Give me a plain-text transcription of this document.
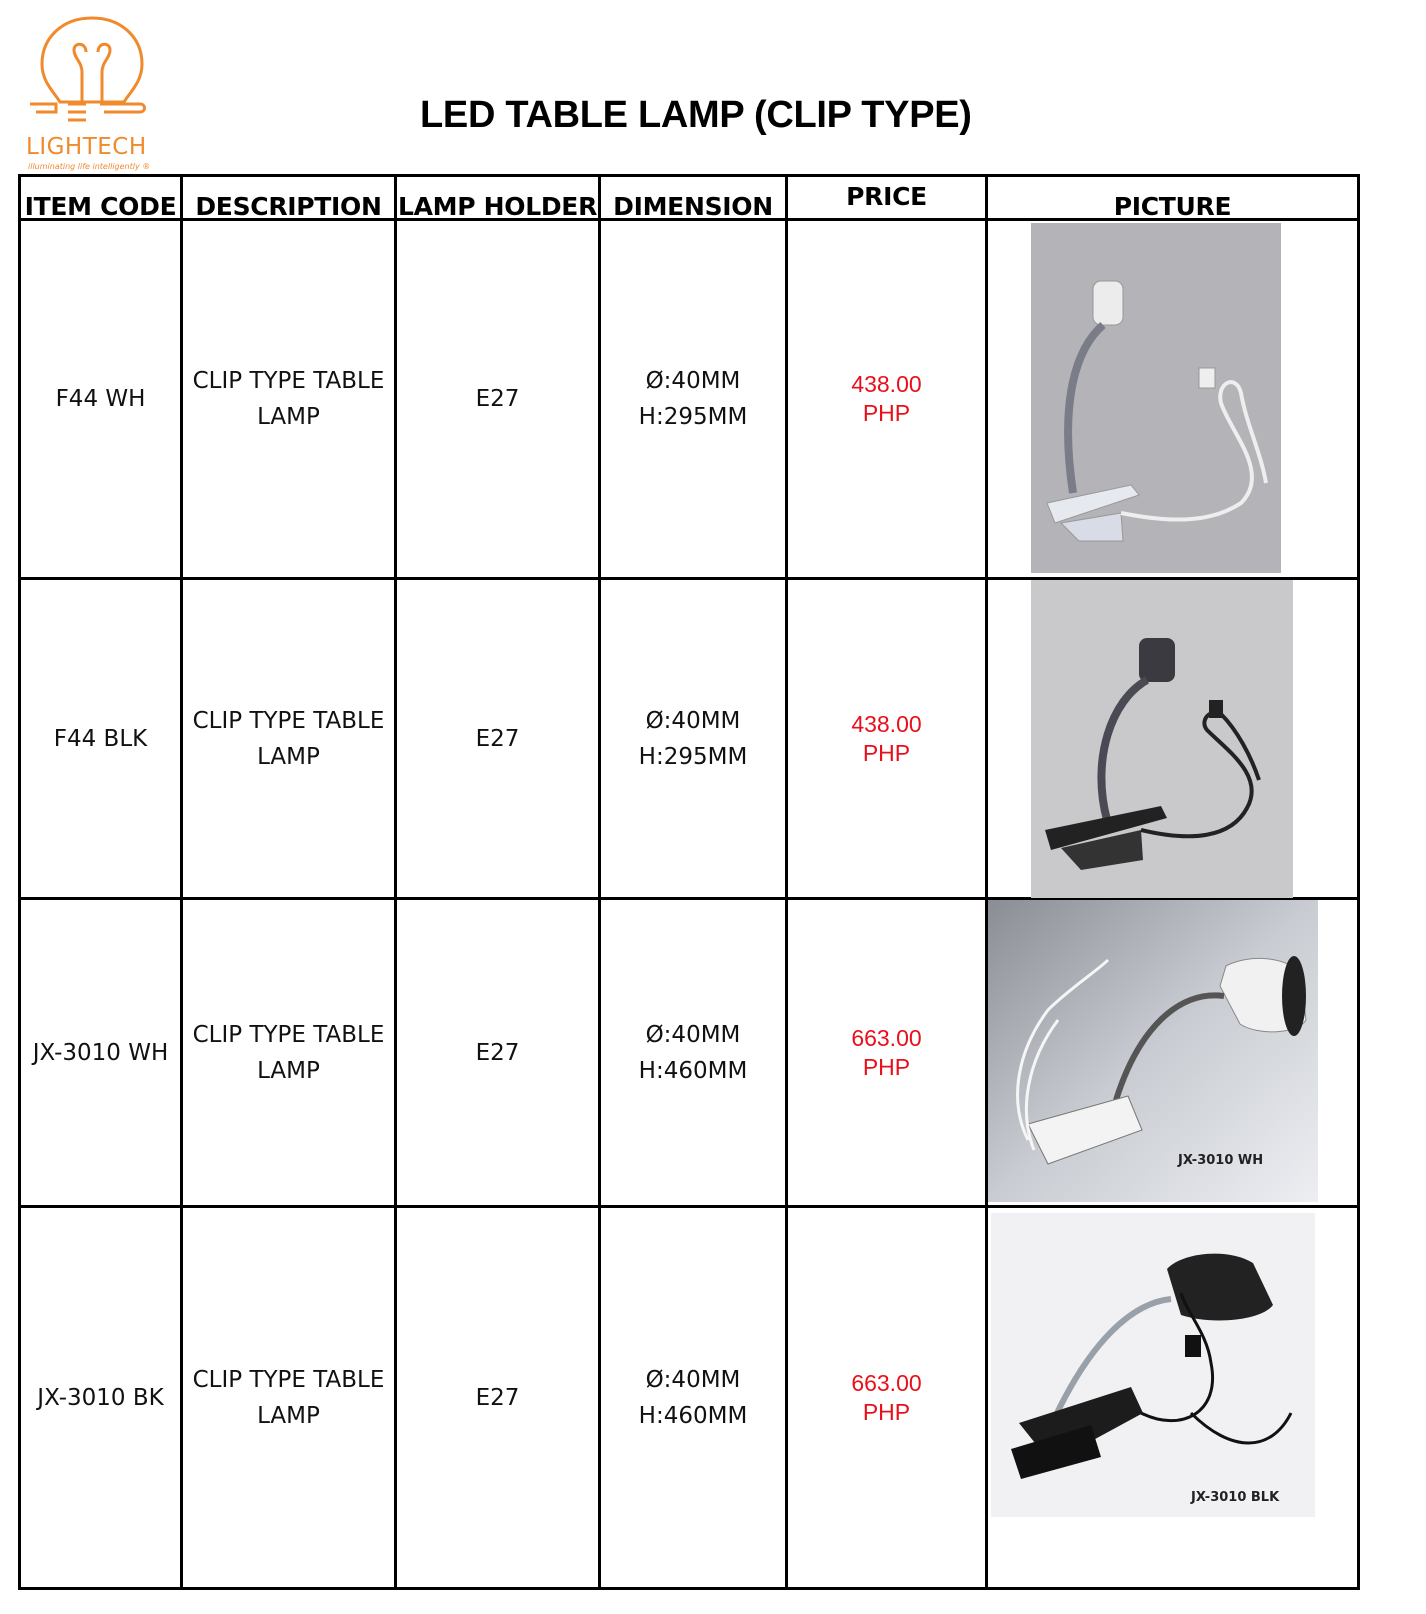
LIGHTECH
illuminating life intelligently ®
LED TABLE LAMP (CLIP TYPE)
ITEM CODE DESCRIPTION LAMP HOLDER DIMENSION	PRICE	PICTURE
F44 WH
CLIP TYPE TABLE
LAMP
E27
Ø:40MM
H:295MM
438.00
PHP
F44 BLK
CLIP TYPE TABLE
LAMP
E27
Ø:40MM
H:295MM
438.00
PHP
JX-3010 WH
CLIP TYPE TABLE
LAMP
E27
Ø:40MM
H:460MM
663.00
PHP
JX-3010 WH
JX-3010 BK
CLIP TYPE TABLE
LAMP
E27
Ø:40MM
H:460MM
663.00
PHP
JX-3010 BLK
